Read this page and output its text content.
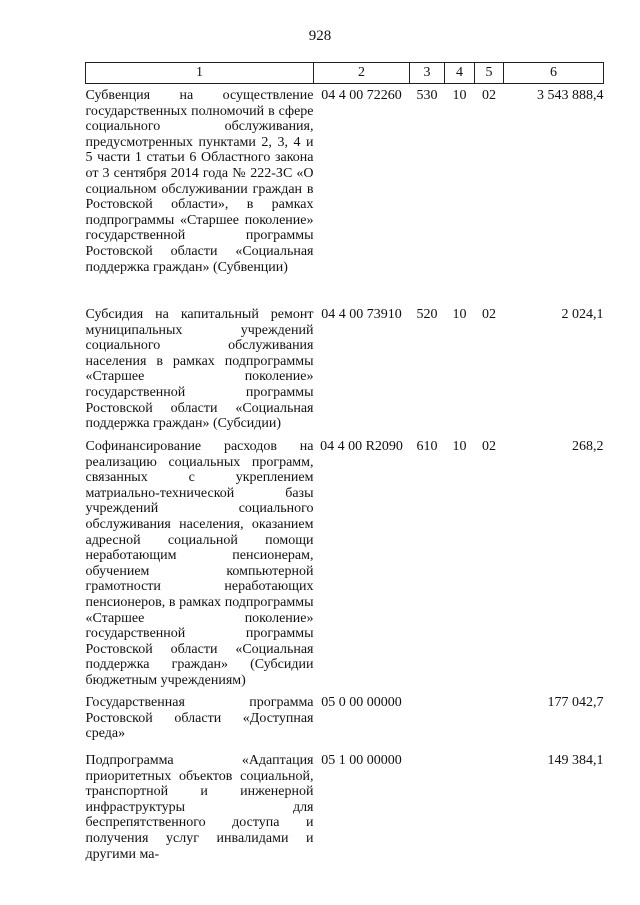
928
1	2	3	4	5	6
Субвенция на осуществление государственных полномочий в сфере социального обслуживания, предусмотренных пунктами 2, 3, 4 и 5 части 1 статьи 6 Областного закона от 3 сентября 2014 года № 222-ЗС «О социальном обслуживании граждан в Ростовской области», в рамках подпрограммы «Старшее поколение» государственной программы Ростовской области «Социальная поддержка граждан» (Субвенции)	04 4 00 72260	530	10	02	3 543 888,4
Субсидия на капитальный ремонт муниципальных учреждений социального обслуживания населения в рамках подпрограммы «Старшее поколение» государственной программы Ростовской области «Социальная поддержка граждан» (Субсидии)	04 4 00 73910	520	10	02	2 024,1
Софинансирование расходов на реализацию социальных программ, связанных с укреплением матриально-технической базы учреждений социального обслуживания населения, оказанием адресной социальной помощи неработающим пенсионерам, обучением компьютерной грамотности неработающих пенсионеров, в рамках подпрограммы «Старшее поколение» государственной программы Ростовской области «Социальная поддержка граждан» (Субсидии бюджетным учреждениям)	04 4 00 R2090	610	10	02	268,2
Государственная программа Ростовской области «Доступная среда»	05 0 00 00000				177 042,7
Подпрограмма «Адаптация приоритетных объектов социальной, транспортной и инженерной инфраструктуры для беспрепятственного доступа и получения услуг инвалидами и другими ма-	05 1 00 00000				149 384,1
